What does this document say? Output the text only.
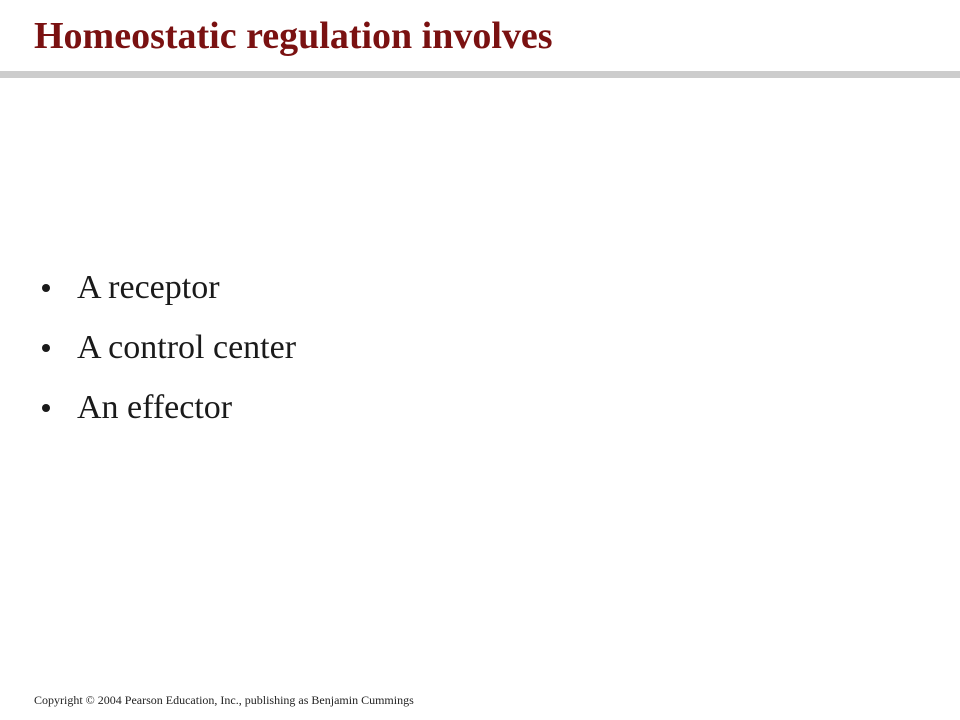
Homeostatic regulation involves
A receptor
A control center
An effector
Copyright © 2004 Pearson Education, Inc., publishing as Benjamin Cummings
